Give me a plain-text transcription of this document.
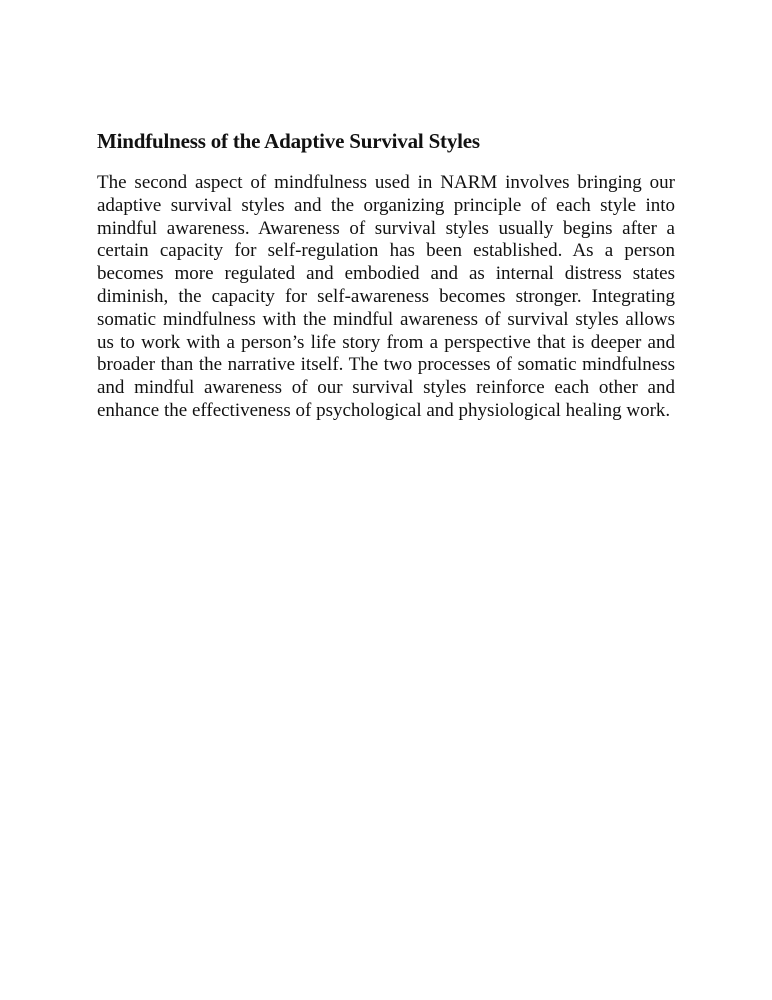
Mindfulness of the Adaptive Survival Styles

The second aspect of mindfulness used in NARM involves bringing our adaptive survival styles and the organizing principle of each style into mindful awareness. Awareness of survival styles usually begins after a certain capacity for self-regulation has been established. As a person becomes more regulated and embodied and as internal distress states diminish, the capacity for self-awareness becomes stronger. Integrating somatic mindfulness with the mindful awareness of survival styles allows us to work with a person’s life story from a perspective that is deeper and broader than the narrative itself. The two processes of somatic mindfulness and mindful awareness of our survival styles reinforce each other and enhance the effectiveness of psychological and physiological healing work.
